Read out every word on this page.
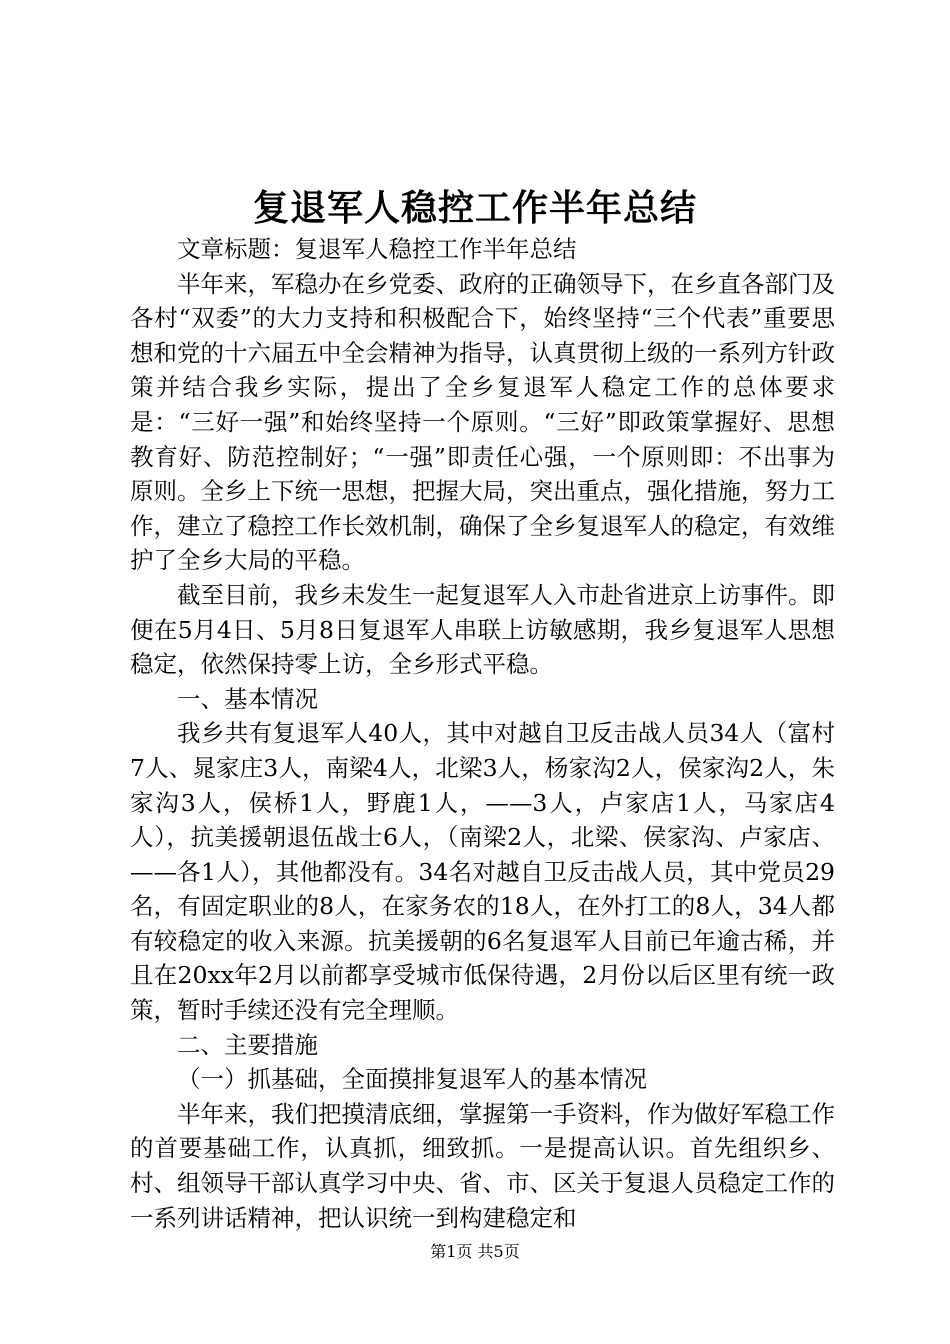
复退军人稳控工作半年总结

文章标题：复退军人稳控工作半年总结

半年来，军稳办在乡党委、政府的正确领导下，在乡直各部门及各村“双委”的大力支持和积极配合下，始终坚持“三个代表”重要思想和党的十六届五中全会精神为指导，认真贯彻上级的一系列方针政策并结合我乡实际，提出了全乡复退军人稳定工作的总体要求是：“三好一强”和始终坚持一个原则。“三好”即政策掌握好、思想教育好、防范控制好；“一强”即责任心强，一个原则即：不出事为原则。全乡上下统一思想，把握大局，突出重点，强化措施，努力工作，建立了稳控工作长效机制，确保了全乡复退军人的稳定，有效维护了全乡大局的平稳。

截至目前，我乡未发生一起复退军人入市赴省进京上访事件。即便在5月4日、5月8日复退军人串联上访敏感期，我乡复退军人思想稳定，依然保持零上访，全乡形式平稳。

一、基本情况

我乡共有复退军人40人，其中对越自卫反击战人员34人（富村7人、晁家庄3人，南梁4人，北梁3人，杨家沟2人，侯家沟2人，朱家沟3人，侯桥1人，野鹿1人，——3人，卢家店1人，马家店4人），抗美援朝退伍战士6人，（南梁2人，北梁、侯家沟、卢家店、——各1人），其他都没有。34名对越自卫反击战人员，其中党员29名，有固定职业的8人，在家务农的18人，在外打工的8人，34人都有较稳定的收入来源。抗美援朝的6名复退军人目前已年逾古稀，并且在20xx年2月以前都享受城市低保待遇，2月份以后区里有统一政策，暂时手续还没有完全理顺。

二、主要措施

（一）抓基础，全面摸排复退军人的基本情况

半年来，我们把摸清底细，掌握第一手资料，作为做好军稳工作的首要基础工作，认真抓，细致抓。一是提高认识。首先组织乡、村、组领导干部认真学习中央、省、市、区关于复退人员稳定工作的一系列讲话精神，把认识统一到构建稳定和

第1页 共5页
